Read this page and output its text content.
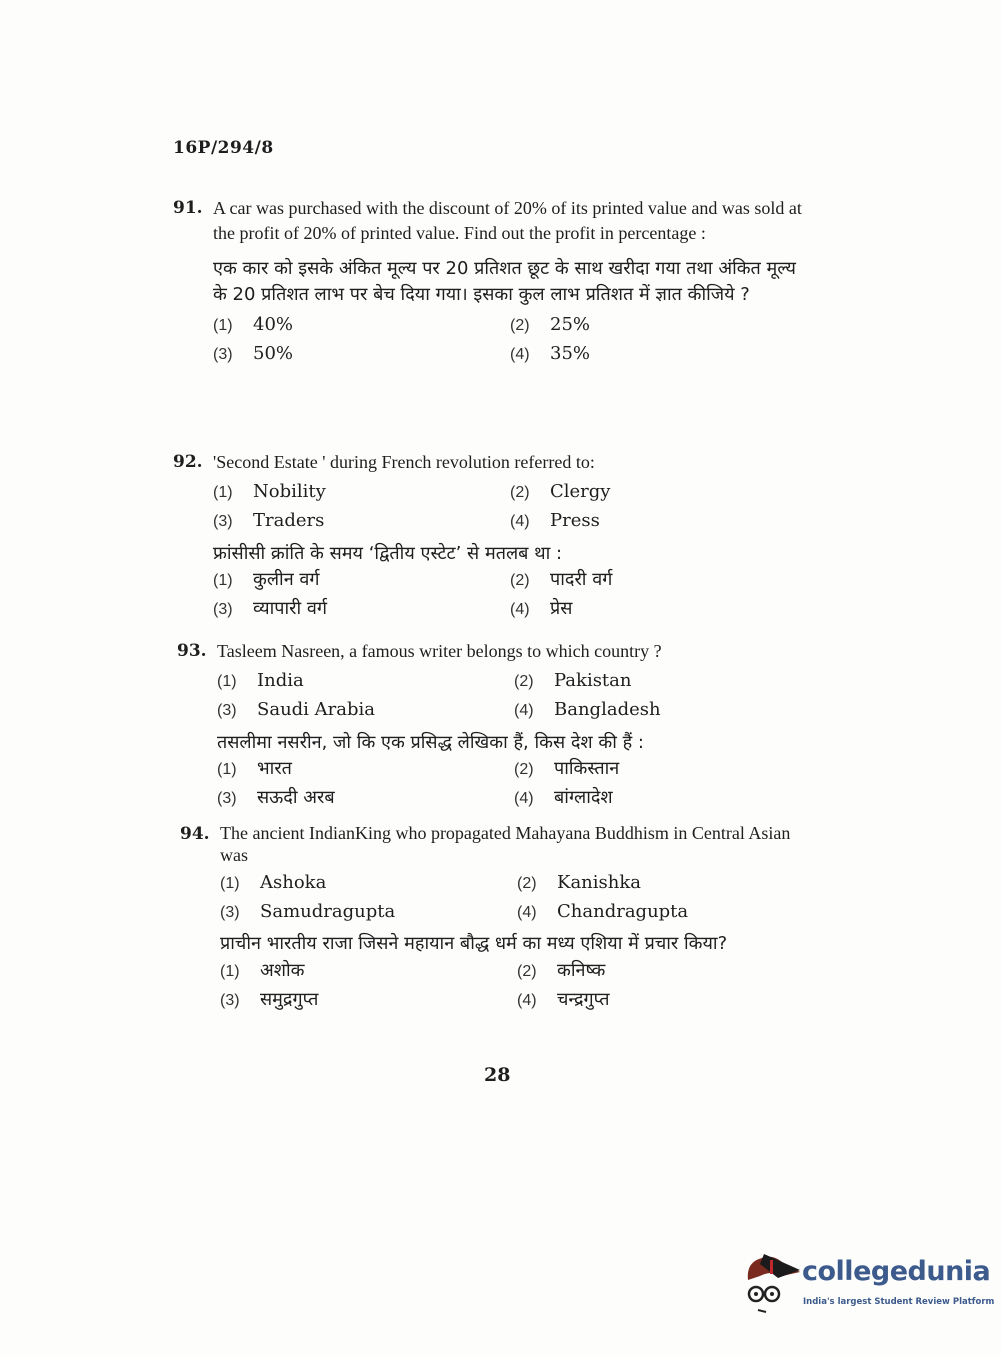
16P/294/8
91. A car was purchased with the discount of 20% of its printed value and was sold at the profit of 20% of printed value. Find out the profit in percentage :
एक कार को इसके अंकित मूल्य पर 20 प्रतिशत छूट के साथ खरीदा गया तथा अंकित मूल्य के 20 प्रतिशत लाभ पर बेच दिया गया। इसका कुल लाभ प्रतिशत में ज्ञात कीजिये ?
(1) 40%	(2) 25%
(3) 50%	(4) 35%
92. 'Second Estate ' during French revolution referred to:
(1) Nobility	(2) Clergy
(3) Traders	(4) Press
फ्रांसीसी क्रांति के समय ‘द्वितीय एस्टेट’ से मतलब था :
(1) कुलीन वर्ग	(2) पादरी वर्ग
(3) व्यापारी वर्ग	(4) प्रेस
93. Tasleem Nasreen, a famous writer belongs to which country ?
(1) India	(2) Pakistan
(3) Saudi Arabia	(4) Bangladesh
तसलीमा नसरीन, जो कि एक प्रसिद्ध लेखिका हैं, किस देश की हैं :
(1) भारत	(2) पाकिस्तान
(3) सऊदी अरब	(4) बांग्लादेश
94. The ancient IndianKing who propagated Mahayana Buddhism in Central Asian was
(1) Ashoka	(2) Kanishka
(3) Samudragupta	(4) Chandragupta
प्राचीन भारतीय राजा जिसने महायान बौद्ध धर्म का मध्य एशिया में प्रचार किया?
(1) अशोक	(2) कनिष्क
(3) समुद्रगुप्त	(4) चन्द्रगुप्त
28
collegedunia
India's largest Student Review Platform
